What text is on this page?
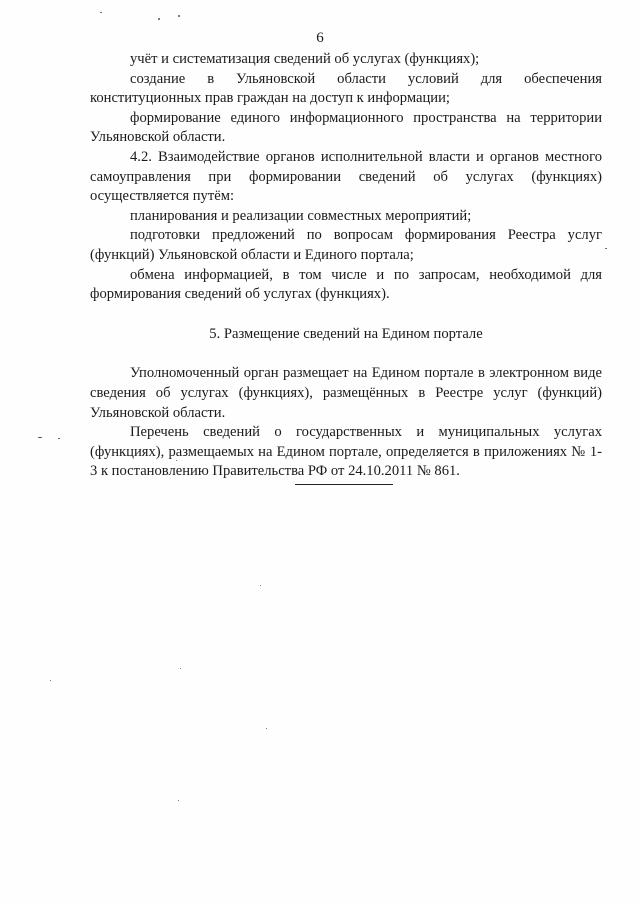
6

учёт и систематизация сведений об услугах (функциях);

создание в Ульяновской области условий для обеспечения конституционных прав граждан на доступ к информации;

формирование единого информационного пространства на территории Ульяновской области.

4.2. Взаимодействие органов исполнительной власти и органов местного самоуправления при формировании сведений об услугах (функциях) осуществляется путём:

планирования и реализации совместных мероприятий;

подготовки предложений по вопросам формирования Реестра услуг (функций) Ульяновской области и Единого портала;

обмена информацией, в том числе и по запросам, необходимой для формирования сведений об услугах (функциях).

5. Размещение сведений на Едином портале

Уполномоченный орган размещает на Едином портале в электронном виде сведения об услугах (функциях), размещённых в Реестре услуг (функций) Ульяновской области.

Перечень сведений о государственных и муниципальных услугах (функциях), размещаемых на Едином портале, определяется в приложениях № 1-3 к постановлению Правительства РФ от 24.10.2011 № 861.
